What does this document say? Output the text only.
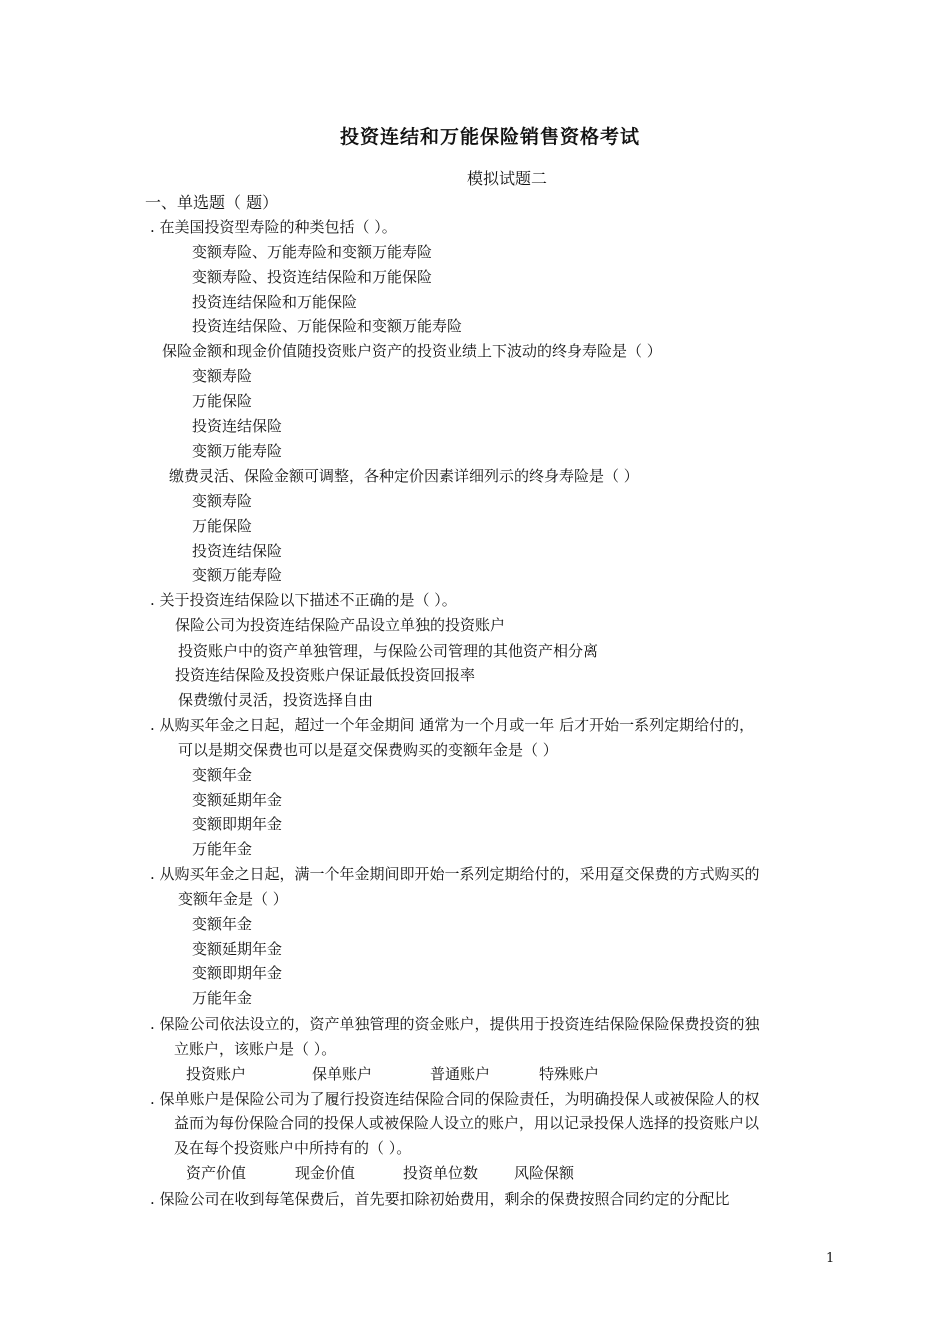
投资连结和万能保险销售资格考试
模拟试题二
一、单选题（ 题）
. 在美国投资型寿险的种类包括（ ）。
变额寿险、万能寿险和变额万能寿险
变额寿险、投资连结保险和万能保险
投资连结保险和万能保险
投资连结保险、万能保险和变额万能寿险
保险金额和现金价值随投资账户资产的投资业绩上下波动的终身寿险是（ ）
变额寿险
万能保险
投资连结保险
变额万能寿险
缴费灵活、保险金额可调整，各种定价因素详细列示的终身寿险是（ ）
变额寿险
万能保险
投资连结保险
变额万能寿险
. 关于投资连结保险以下描述不正确的是（ ）。
保险公司为投资连结保险产品设立单独的投资账户
投资账户中的资产单独管理，与保险公司管理的其他资产相分离
投资连结保险及投资账户保证最低投资回报率
保费缴付灵活，投资选择自由
. 从购买年金之日起，超过一个年金期间 通常为一个月或一年 后才开始一系列定期给付的，
可以是期交保费也可以是趸交保费购买的变额年金是（ ）
变额年金
变额延期年金
变额即期年金
万能年金
. 从购买年金之日起，满一个年金期间即开始一系列定期给付的，采用趸交保费的方式购买的
变额年金是（ ）
变额年金
变额延期年金
变额即期年金
万能年金
. 保险公司依法设立的，资产单独管理的资金账户，提供用于投资连结保险保险保费投资的独
立账户，该账户是（ ）。
投资账户	保单账户	普通账户	特殊账户
. 保单账户是保险公司为了履行投资连结保险合同的保险责任，为明确投保人或被保险人的权
益而为每份保险合同的投保人或被保险人设立的账户，用以记录投保人选择的投资账户以
及在每个投资账户中所持有的（ ）。
资产价值	现金价值	投资单位数 风险保额
. 保险公司在收到每笔保费后，首先要扣除初始费用，剩余的保费按照合同约定的分配比
1
